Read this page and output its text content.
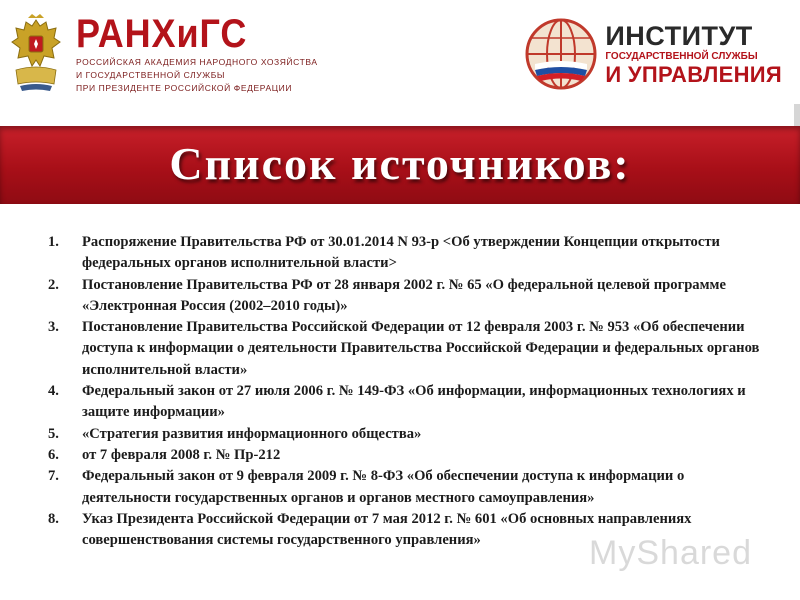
РАНХиГС
РОССИЙСКАЯ АКАДЕМИЯ НАРОДНОГО ХОЗЯЙСТВА
И ГОСУДАРСТВЕННОЙ СЛУЖБЫ
ПРИ ПРЕЗИДЕНТЕ РОССИЙСКОЙ ФЕДЕРАЦИИ
ИНСТИТУТ
ГОСУДАРСТВЕННОЙ СЛУЖБЫ
И УПРАВЛЕНИЯ
Список источников:
1. Распоряжение Правительства РФ от 30.01.2014 N 93-р <Об утверждении Концепции открытости федеральных органов исполнительной власти>
2. Постановление Правительства РФ от 28 января 2002 г. № 65 «О федеральной целевой программе «Электронная Россия (2002–2010 годы)»
3. Постановление Правительства Российской Федерации от 12 февраля 2003 г. № 953 «Об обеспечении доступа к информации о деятельности Правительства Российской Федерации и федеральных органов исполнительной власти»
4. Федеральный закон от 27 июля 2006 г. № 149-ФЗ «Об информации, информационных технологиях и защите информации»
5. «Стратегия развития информационного общества»
6. от 7 февраля 2008 г. № Пр-212
7. Федеральный закон от 9 февраля 2009 г. № 8-ФЗ «Об обеспечении доступа к информации о деятельности государственных органов и органов местного самоуправления»
8. Указ Президента Российской Федерации от 7 мая 2012 г. № 601 «Об основных направлениях совершенствования системы государственного управления»	MyShared
